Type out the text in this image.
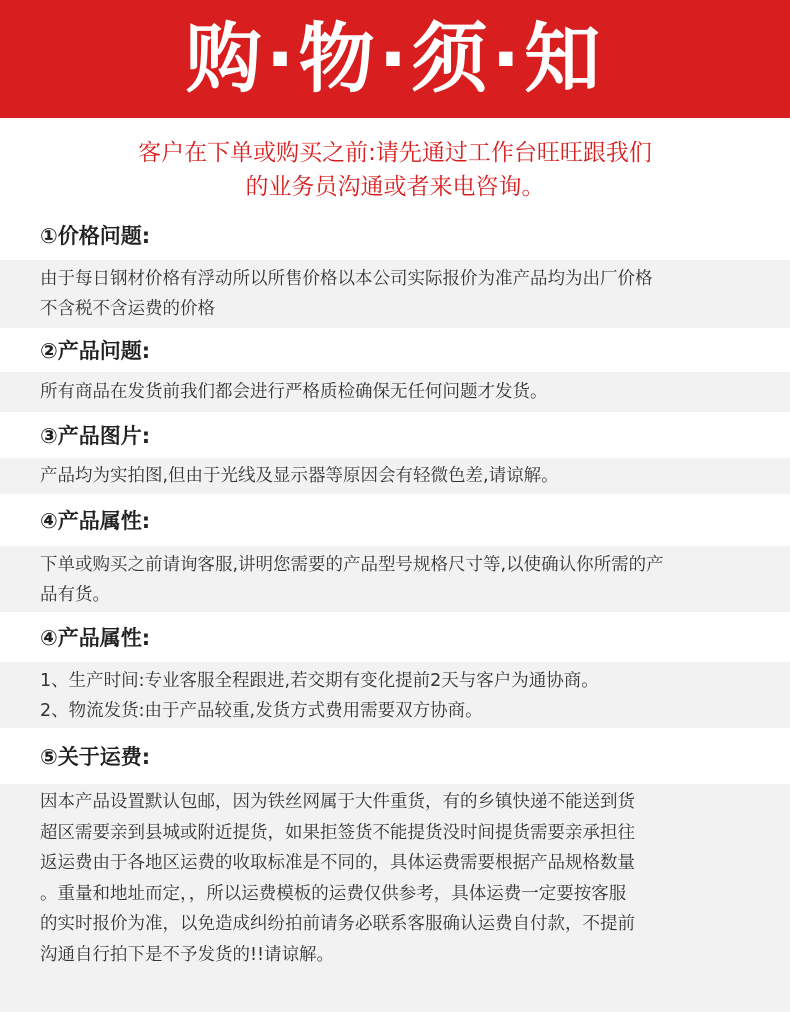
购·物·须·知
客户在下单或购买之前:请先通过工作台旺旺跟我们
的业务员沟通或者来电咨询。
①价格问题:

由于每日钢材价格有浮动所以所售价格以本公司实际报价为准产品均为出厂价格

不含税不含运费的价格

②产品问题:

所有商品在发货前我们都会进行严格质检确保无任何问题才发货。

③产品图片:

产品均为实拍图,但由于光线及显示器等原因会有轻微色差,请谅解。

④产品属性:

下单或购买之前请询客服,讲明您需要的产品型号规格尺寸等,以使确认你所需的产

品有货。

④产品属性:

1、生产时间:专业客服全程跟进,若交期有变化提前2天与客户为通协商。

2、物流发货:由于产品较重,发货方式费用需要双方协商。

⑤关于运费:

因本产品设置默认包邮，因为铁丝网属于大件重货，有的乡镇快递不能送到货

超区需要亲到县城或附近提货，如果拒签货不能提货没时间提货需要亲承担往

返运费由于各地区运费的收取标准是不同的，具体运费需要根据产品规格数量

。重量和地址而定，，所以运费模板的运费仅供参考，具体运费一定要按客服

的实时报价为准，以免造成纠纷拍前请务必联系客服确认运费自付款，不提前

沟通自行拍下是不予发货的!!请谅解。
